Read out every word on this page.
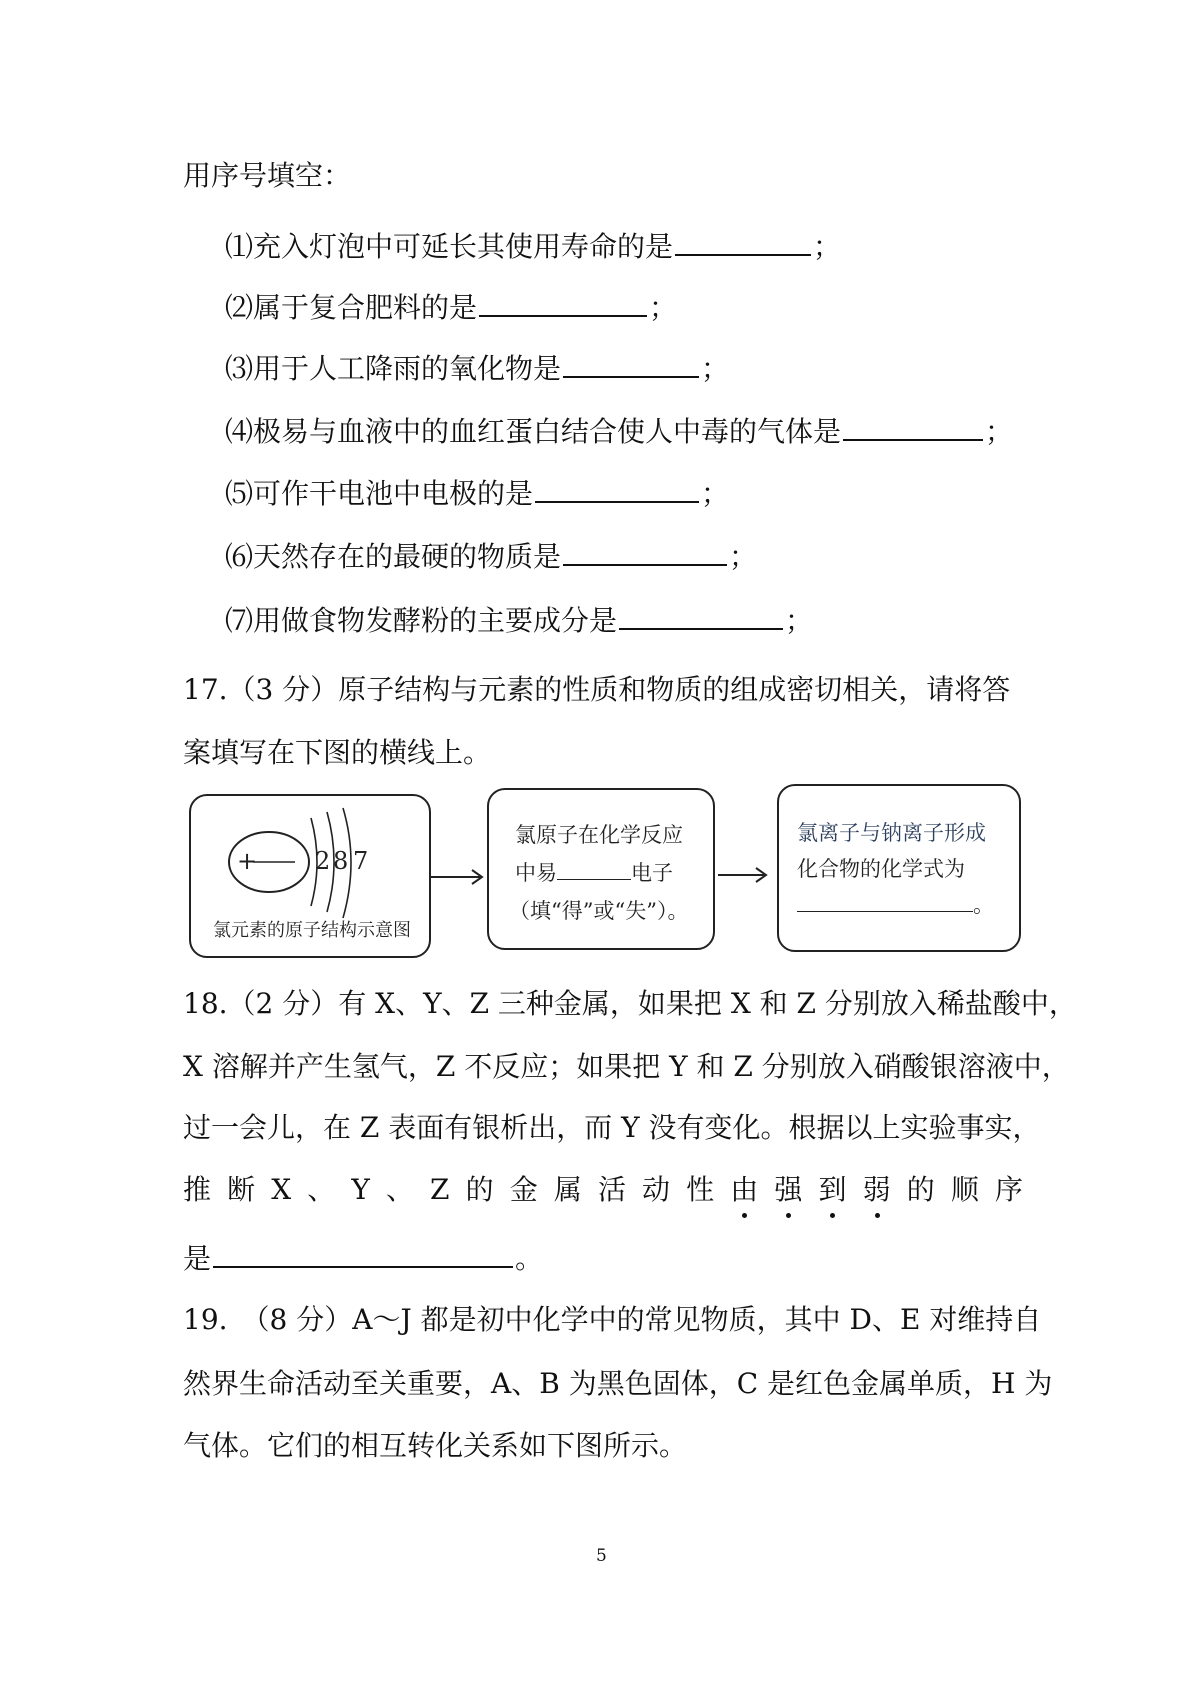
用序号填空：
⑴充入灯泡中可延长其使用寿命的是	；
⑵属于复合肥料的是	；
⑶用于人工降雨的氧化物是	；
⑷极易与血液中的血红蛋白结合使人中毒的气体是	；
⑸可作干电池中电极的是	；
⑹天然存在的最硬的物质是	；
⑺用做食物发酵粉的主要成分是	；
17.（3 分）原子结构与元素的性质和物质的组成密切相关，请将答
案填写在下图的横线上。
+ 2 8 7
氯元素的原子结构示意图
氯原子在化学反应
中易	电子
（填“得”或“失”）。
氯离子与钠离子形成
化合物的化学式为
。
18.（2 分）有 X、Y、Z 三种金属，如果把 X 和 Z 分别放入稀盐酸中，
X 溶解并产生氢气，Z 不反应；如果把 Y 和 Z 分别放入硝酸银溶液中，
过一会儿，在 Z 表面有银析出，而 Y 没有变化。根据以上实验事实，
推 断 X 、 Y 、 Z 的 金 属 活 动 性 由 强 到 弱 的 顺 序
是	。
19.　（8 分）A～J 都是初中化学中的常见物质，其中 D、E 对维持自
然界生命活动至关重要，A、B 为黑色固体，C 是红色金属单质，H 为
气体。它们的相互转化关系如下图所示。
5
